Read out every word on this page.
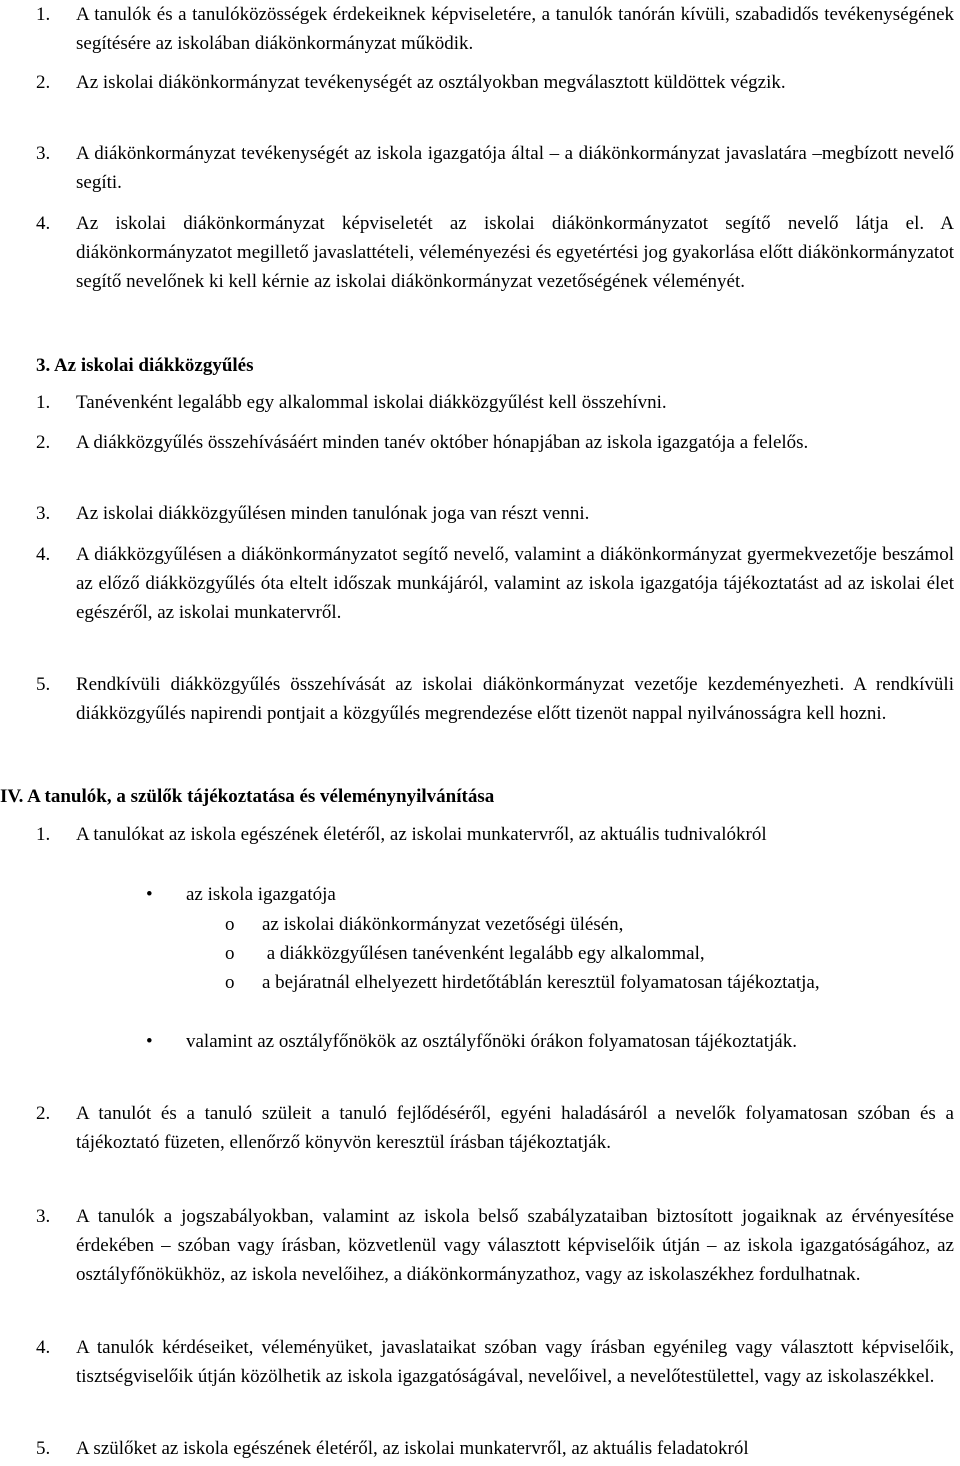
1. A tanulók és a tanulóközösségek érdekeiknek képviseletére, a tanulók tanórán kívüli, szabadidős tevékenységének segítésére az iskolában diákönkormányzat működik.
2. Az iskolai diákönkormányzat tevékenységét az osztályokban megválasztott küldöttek végzik.
3. A diákönkormányzat tevékenységét az iskola igazgatója által – a diákönkormányzat javaslatára –megbízott nevelő segíti.
4. Az iskolai diákönkormányzat képviseletét az iskolai diákönkormányzatot segítő nevelő látja el. A diákönkormányzatot megillető javaslattételi, véleményezési és egyetértési jog gyakorlása előtt diákönkormányzatot segítő nevelőnek ki kell kérnie az iskolai diákönkormányzat vezetőségének véleményét.
3. Az iskolai diákközgyűlés
1. Tanévenként legalább egy alkalommal iskolai diákközgyűlést kell összehívni.
2. A diákközgyűlés összehívásáért minden tanév október hónapjában az iskola igazgatója a felelős.
3. Az iskolai diákközgyűlésen minden tanulónak joga van részt venni.
4. A diákközgyűlésen a diákönkormányzatot segítő nevelő, valamint a diákönkormányzat gyermekvezetője beszámol az előző diákközgyűlés óta eltelt időszak munkájáról, valamint az iskola igazgatója tájékoztatást ad az iskolai élet egészéről, az iskolai munkatervről.
5. Rendkívüli diákközgyűlés összehívását az iskolai diákönkormányzat vezetője kezdeményezheti. A rendkívüli diákközgyűlés napirendi pontjait a közgyűlés megrendezése előtt tizenöt nappal nyilvánosságra kell hozni.
IV. A tanulók, a szülők tájékoztatása és véleménynyilvánítása
1. A tanulókat az iskola egészének életéről, az iskolai munkatervről, az aktuális tudnivalókról
• az iskola igazgatója
o az iskolai diákönkormányzat vezetőségi ülésén,
o a diákközgyűlésen tanévenként legalább egy alkalommal,
o a bejáratnál elhelyezett hirdetőtáblán keresztül folyamatosan tájékoztatja,
• valamint az osztályfőnökök az osztályfőnöki órákon folyamatosan tájékoztatják.
2. A tanulót és a tanuló szüleit a tanuló fejlődéséről, egyéni haladásáról a nevelők folyamatosan szóban és a tájékoztató füzeten, ellenőrző könyvön keresztül írásban tájékoztatják.
3. A tanulók a jogszabályokban, valamint az iskola belső szabályzataiban biztosított jogaiknak az érvényesítése érdekében – szóban vagy írásban, közvetlenül vagy választott képviselőik útján – az iskola igazgatóságához, az osztályfőnökükhöz, az iskola nevelőihez, a diákönkormányzathoz, vagy az iskolaszékhez fordulhatnak.
4. A tanulók kérdéseiket, véleményüket, javaslataikat szóban vagy írásban egyénileg vagy választott képviselőik, tisztségviselőik útján közölhetik az iskola igazgatóságával, nevelőivel, a nevelőtestülettel, vagy az iskolaszékkel.
5. A szülőket az iskola egészének életéről, az iskolai munkatervről, az aktuális feladatokról
